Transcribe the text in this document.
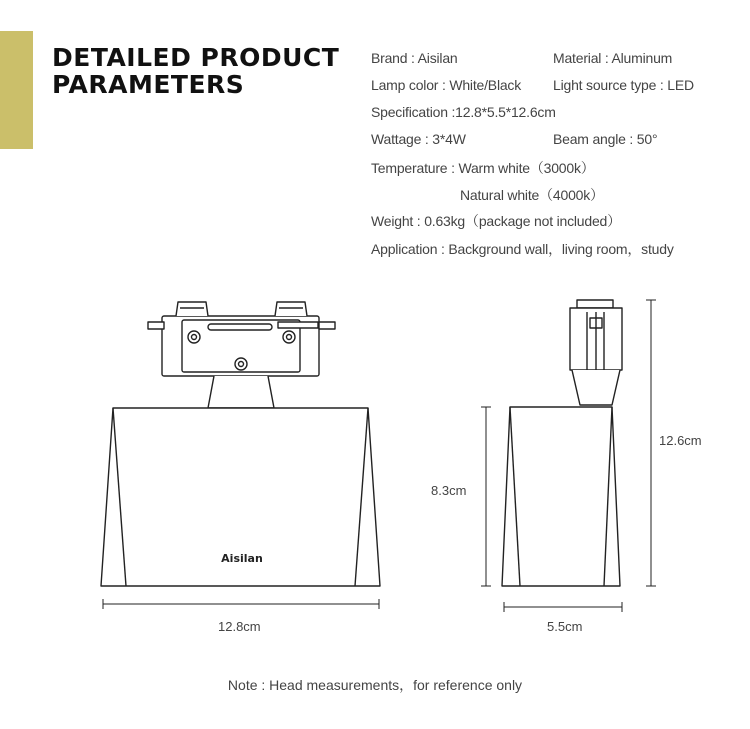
DETAILED PRODUCT
PARAMETERS
Brand : Aisilan	Material : Aluminum
Lamp color : White/Black Light source type : LED
Specification :12.8*5.5*12.6cm
Wattage : 3*4W	Beam angle : 50°
Temperature : Warm white（3000k）
Natural white（4000k）
Weight : 0.63kg（package not included）
Application : Background wall，living room，study
Aisilan
12.8cm
8.3cm
12.6cm
5.5cm
Note : Head measurements，for reference only
